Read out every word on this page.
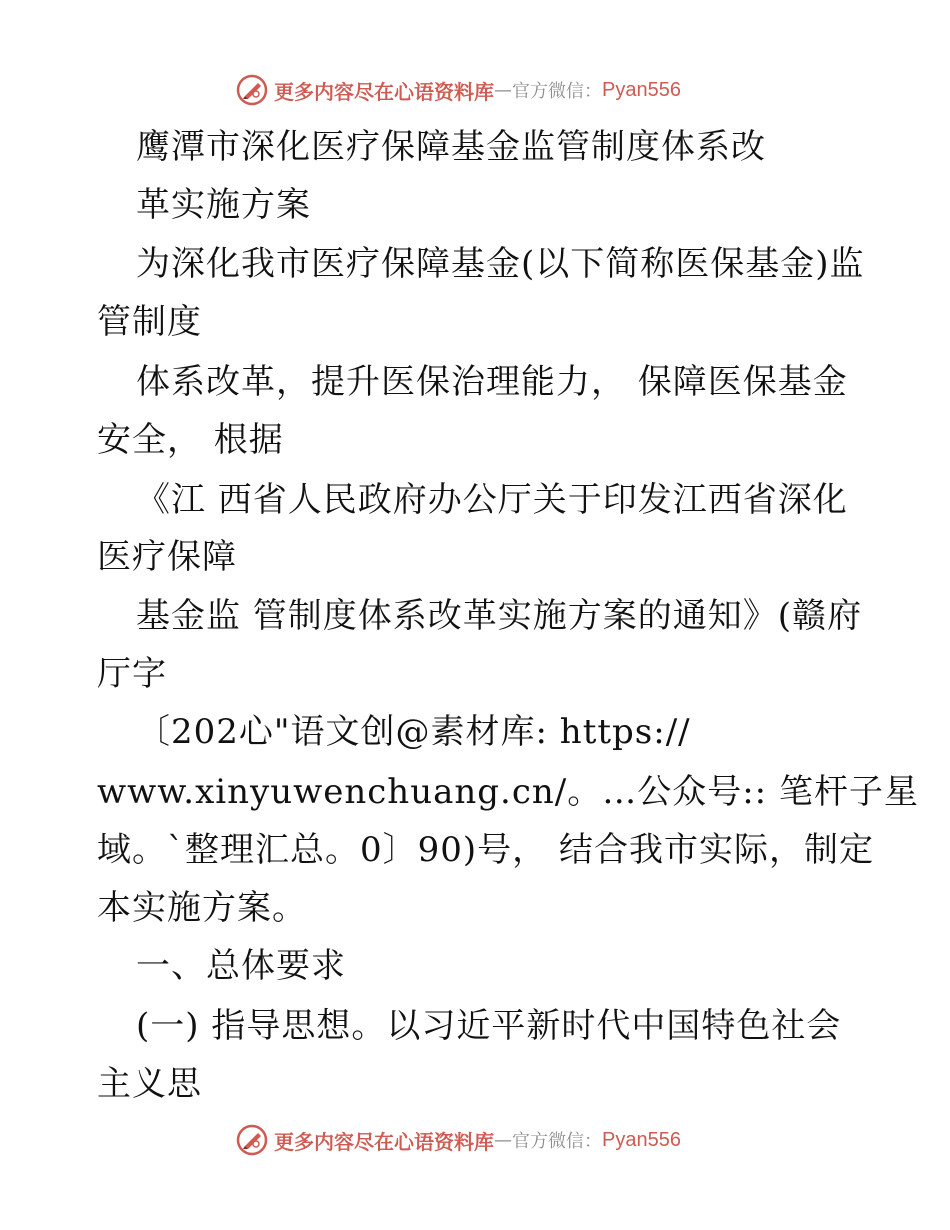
更多内容尽在心语资料库 — 官方微信： Pyan556

鹰潭市深化医疗保障基金监管制度体系改

革实施方案

为深化我市医疗保障基金(以下简称医保基金)监

管制度

体系改革，提升医保治理能力， 保障医保基金

安全， 根据

《江 西省人民政府办公厅关于印发江西省深化

医疗保障

基金监 管制度体系改革实施方案的通知》(赣府

厅字

〔202心"语文创@素材库: https://

www.xinyuwenchuang.cn/。…公众号:: 笔杆子星

域。`整理汇总。0〕90)号， 结合我市实际，制定

本实施方案。

一、总体要求

(一) 指导思想。以习近平新时代中国特色社会

主义思

更多内容尽在心语资料库 — 官方微信： Pyan556
